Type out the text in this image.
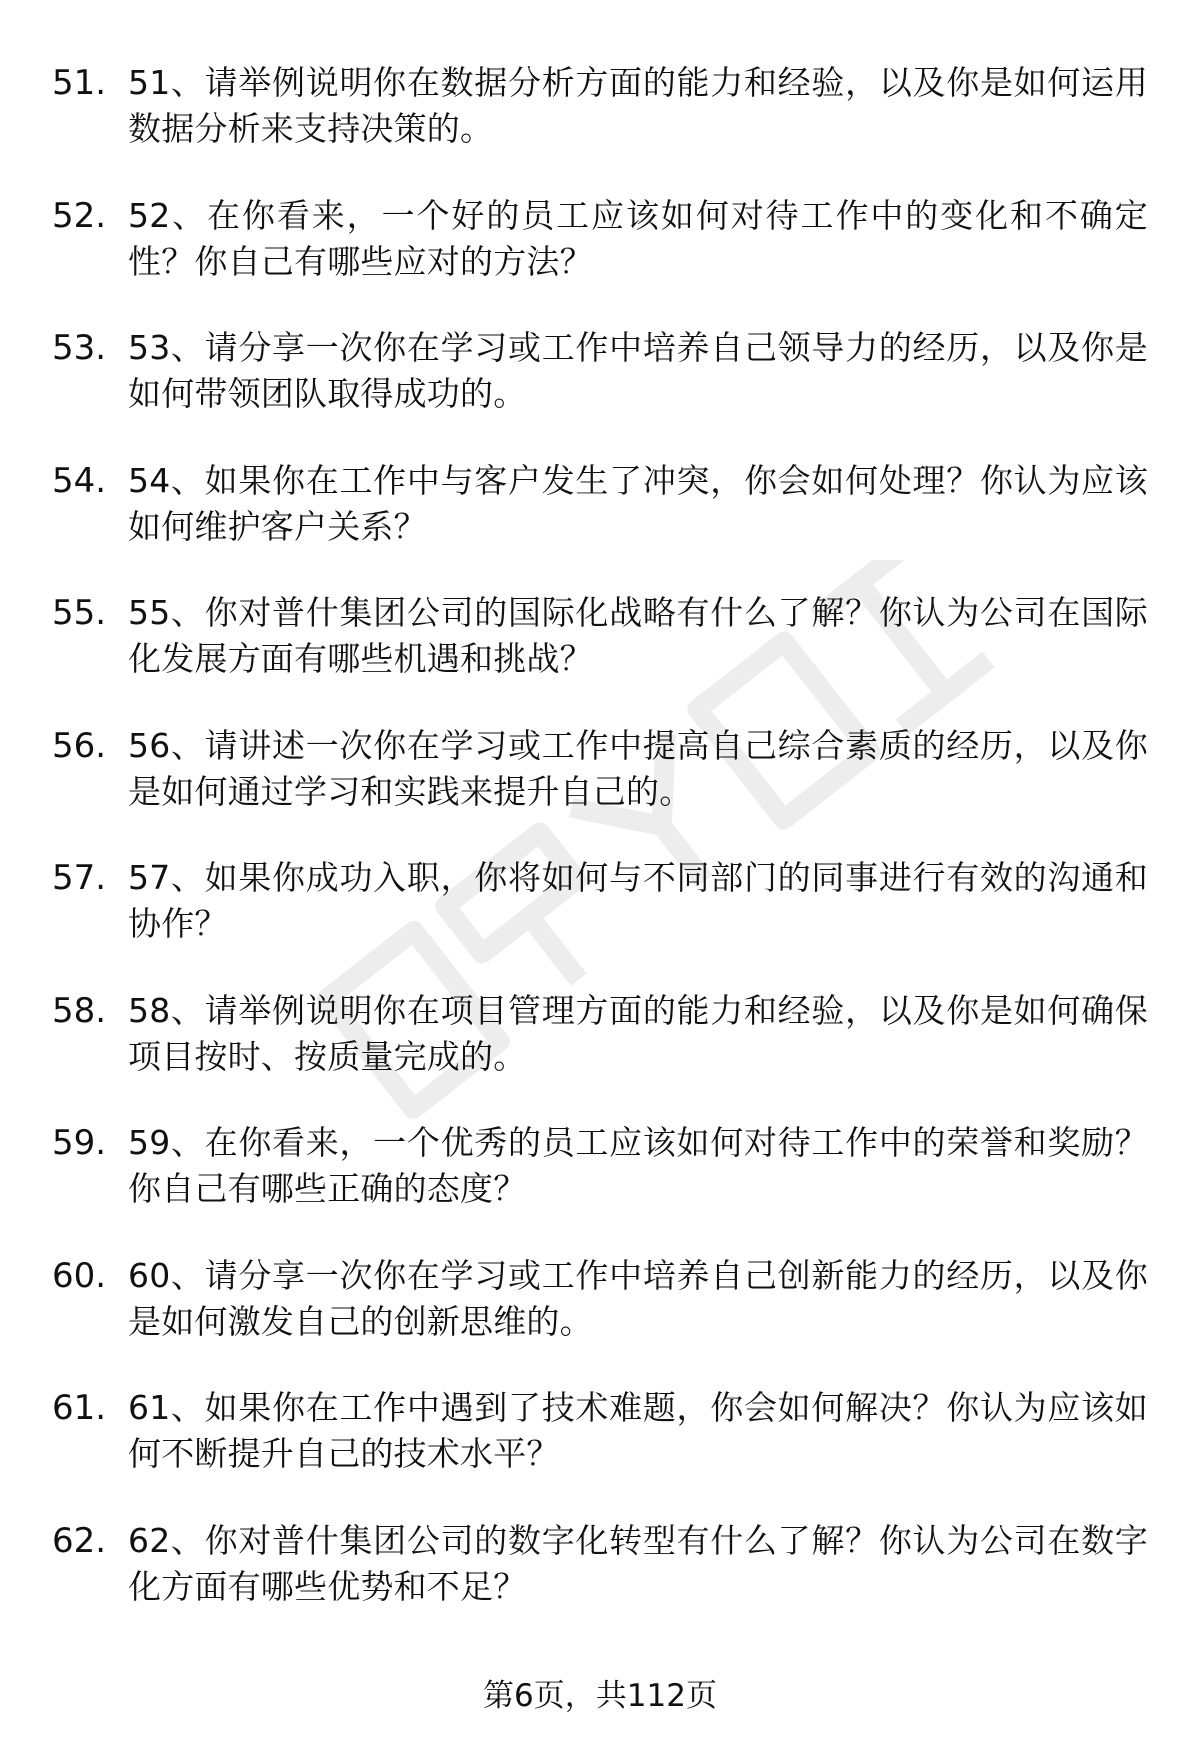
51. 51、请举例说明你在数据分析方面的能力和经验，以及你是如何运用数据分析来支持决策的。
52. 52、在你看来，一个好的员工应该如何对待工作中的变化和不确定性？你自己有哪些应对的方法？
53. 53、请分享一次你在学习或工作中培养自己领导力的经历，以及你是如何带领团队取得成功的。
54. 54、如果你在工作中与客户发生了冲突，你会如何处理？你认为应该如何维护客户关系？
55. 55、你对普什集团公司的国际化战略有什么了解？你认为公司在国际化发展方面有哪些机遇和挑战？
56. 56、请讲述一次你在学习或工作中提高自己综合素质的经历，以及你是如何通过学习和实践来提升自己的。
57. 57、如果你成功入职，你将如何与不同部门的同事进行有效的沟通和协作？
58. 58、请举例说明你在项目管理方面的能力和经验，以及你是如何确保项目按时、按质量完成的。
59. 59、在你看来，一个优秀的员工应该如何对待工作中的荣誉和奖励？你自己有哪些正确的态度？
60. 60、请分享一次你在学习或工作中培养自己创新能力的经历，以及你是如何激发自己的创新思维的。
61. 61、如果你在工作中遇到了技术难题，你会如何解决？你认为应该如何不断提升自己的技术水平？
62. 62、你对普什集团公司的数字化转型有什么了解？你认为公司在数字化方面有哪些优势和不足？
第6页，共112页
